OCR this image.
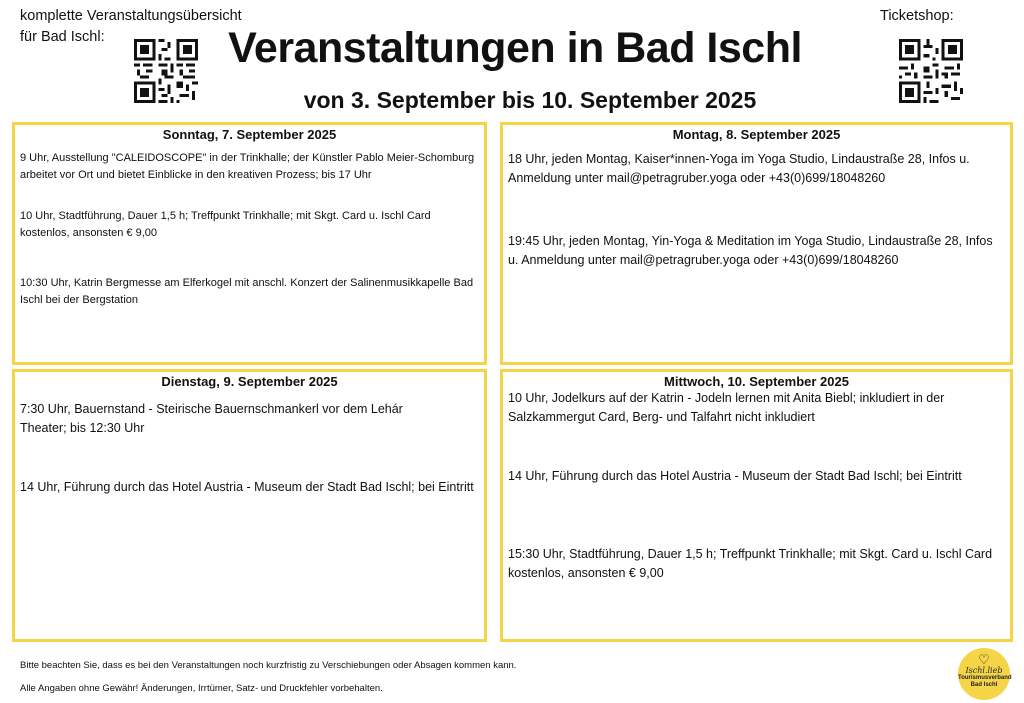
komplette Veranstaltungsübersicht
für Bad Ischl:	Veranstaltungen in Bad Ischl
von 3. September bis 10. September 2025
Ticketshop:
Sonntag, 7. September 2025
9 Uhr, Ausstellung "CALEIDOSCOPE" in der Trinkhalle; der Künstler Pablo Meier-Schomburg arbeitet vor Ort und bietet Einblicke in den kreativen Prozess; bis 17 Uhr
10 Uhr, Stadtführung, Dauer 1,5 h; Treffpunkt Trinkhalle; mit Skgt. Card u. Ischl Card kostenlos, ansonsten € 9,00
10:30 Uhr, Katrin Bergmesse am Elferkogel mit anschl. Konzert der Salinenmusikkapelle Bad Ischl bei der Bergstation
Montag, 8. September 2025
18 Uhr, jeden Montag, Kaiser*innen-Yoga im Yoga Studio, Lindaustraße 28, Infos u. Anmeldung unter mail@petragruber.yoga oder +43(0)699/18048260
19:45 Uhr, jeden Montag, Yin-Yoga & Meditation im Yoga Studio, Lindaustraße 28, Infos u. Anmeldung unter mail@petragruber.yoga oder +43(0)699/18048260
Dienstag, 9. September 2025
7:30 Uhr, Bauernstand - Steirische Bauernschmankerl vor dem Lehár Theater; bis 12:30 Uhr
14 Uhr, Führung durch das Hotel Austria - Museum der Stadt Bad Ischl; bei Eintritt
Mittwoch, 10. September 2025
10 Uhr, Jodelkurs auf der Katrin - Jodeln lernen mit Anita Biebl; inkludiert in der Salzkammergut Card, Berg- und Talfahrt nicht inkludiert
14 Uhr, Führung durch das Hotel Austria - Museum der Stadt Bad Ischl; bei Eintritt
15:30 Uhr, Stadtführung, Dauer 1,5 h; Treffpunkt Trinkhalle; mit Skgt. Card u. Ischl Card kostenlos, ansonsten € 9,00
Bitte beachten Sie, dass es bei den Veranstaltungen noch kurzfristig zu Verschiebungen oder Absagen kommen kann.
Alle Angaben ohne Gewähr! Änderungen, Irrtümer, Satz- und Druckfehler vorbehalten.
♡
Ischl.lieb
Tourismusverband
Bad Ischl
